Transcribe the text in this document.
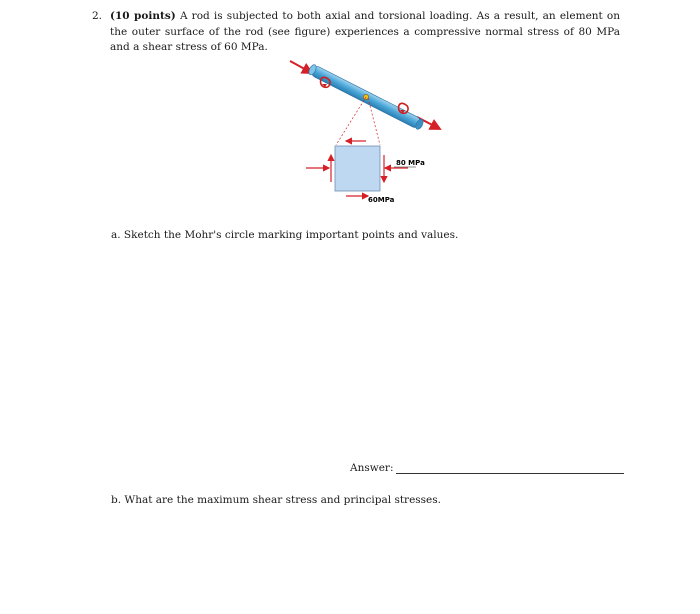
2. (10 points) A rod is subjected to both axial and torsional loading. As a result, an element on the outer surface of the rod (see figure) experiences a compressive normal stress of 80 MPa and a shear stress of 60 MPa.
80 MPa
60MPa
a. Sketch the Mohr's circle marking important points and values.
Answer:
b. What are the maximum shear stress and principal stresses.
